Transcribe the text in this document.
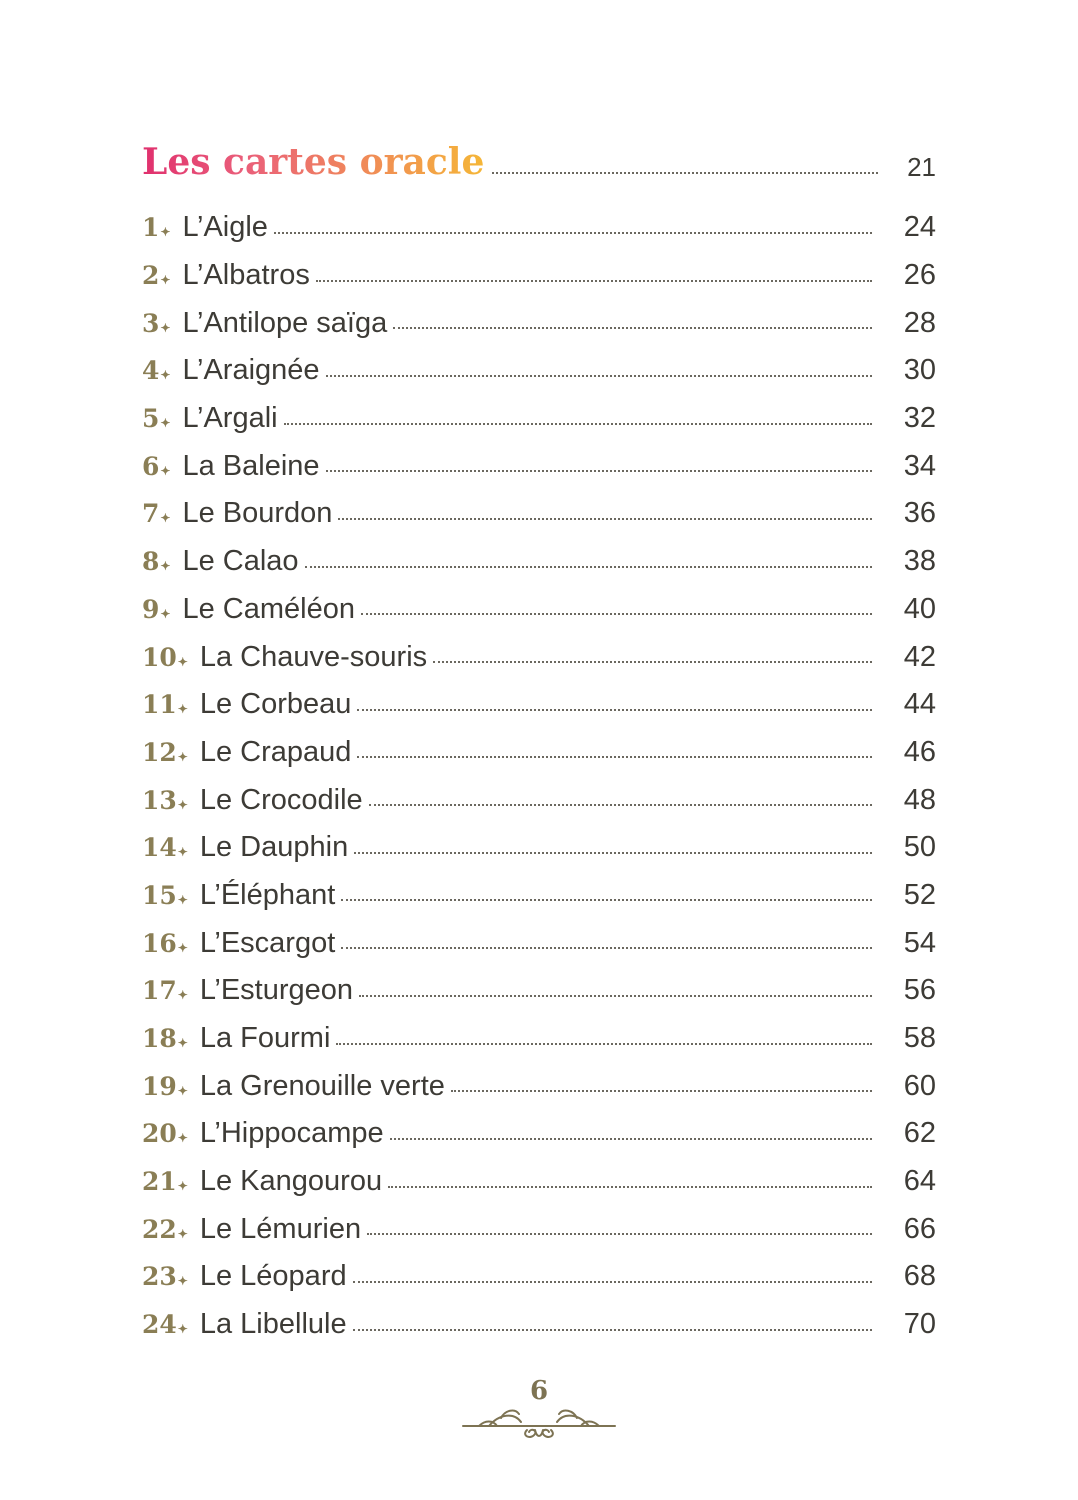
Les cartes oracle	21
1✦ L’Aigle	24
2✦ L’Albatros	26
3✦ L’Antilope saïga	28
4✦ L’Araignée	30
5✦ L’Argali	32
6✦ La Baleine	34
7✦ Le Bourdon	36
8✦ Le Calao	38
9✦ Le Caméléon	40
10✦ La Chauve-souris	42
11✦ Le Corbeau	44
12✦ Le Crapaud	46
13✦ Le Crocodile	48
14✦ Le Dauphin	50
15✦ L’Éléphant	52
16✦ L’Escargot	54
17✦ L’Esturgeon	56
18✦ La Fourmi	58
19✦ La Grenouille verte	60
20✦ L’Hippocampe	62
21✦ Le Kangourou	64
22✦ Le Lémurien	66
23✦ Le Léopard	68
24✦ La Libellule	70
6
